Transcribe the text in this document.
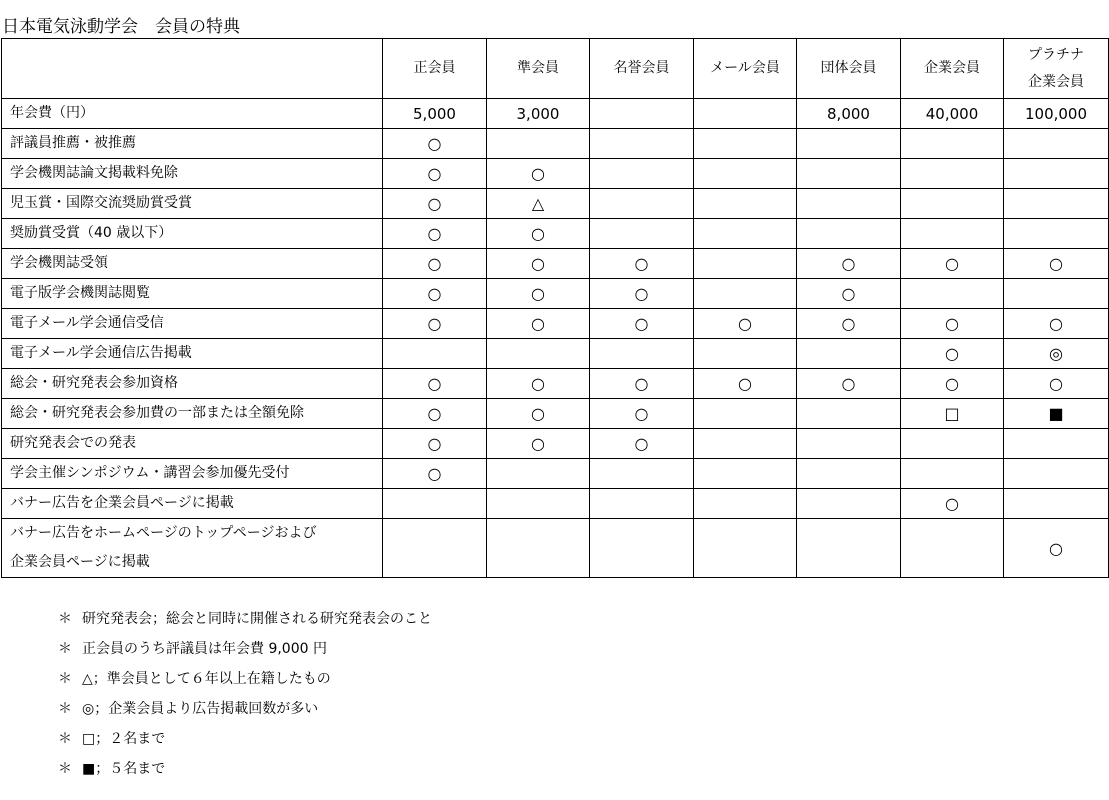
日本電気泳動学会　会員の特典
	正会員	準会員	名誉会員	メール会員	団体会員	企業会員	プラチナ
企業会員

年会費（円）	5,000	3,000			8,000	40,000	100,000
評議員推薦・被推薦	○						
学会機関誌論文掲載料免除	○	○					
児玉賞・国際交流奨励賞受賞	○	△					
奨励賞受賞（40 歳以下）	○	○					
学会機関誌受領	○	○	○		○	○	○
電子版学会機関誌閲覧	○	○	○		○		
電子メール学会通信受信	○	○	○	○	○	○	○
電子メール学会通信広告掲載						○	◎
総会・研究発表会参加資格	○	○	○	○	○	○	○
総会・研究発表会参加費の一部または全額免除	○	○	○			□	■
研究発表会での発表	○	○	○				
学会主催シンポジウム・講習会参加優先受付	○						
バナー広告を企業会員ページに掲載						○	

バナー広告をホームページのトップページおよび
企業会員ページに掲載							○
＊ 研究発表会；総会と同時に開催される研究発表会のこと
＊ 正会員のうち評議員は年会費 9,000 円
＊ △；準会員として６年以上在籍したもの
＊ ◎；企業会員より広告掲載回数が多い
＊ □；２名まで
＊ ■；５名まで
